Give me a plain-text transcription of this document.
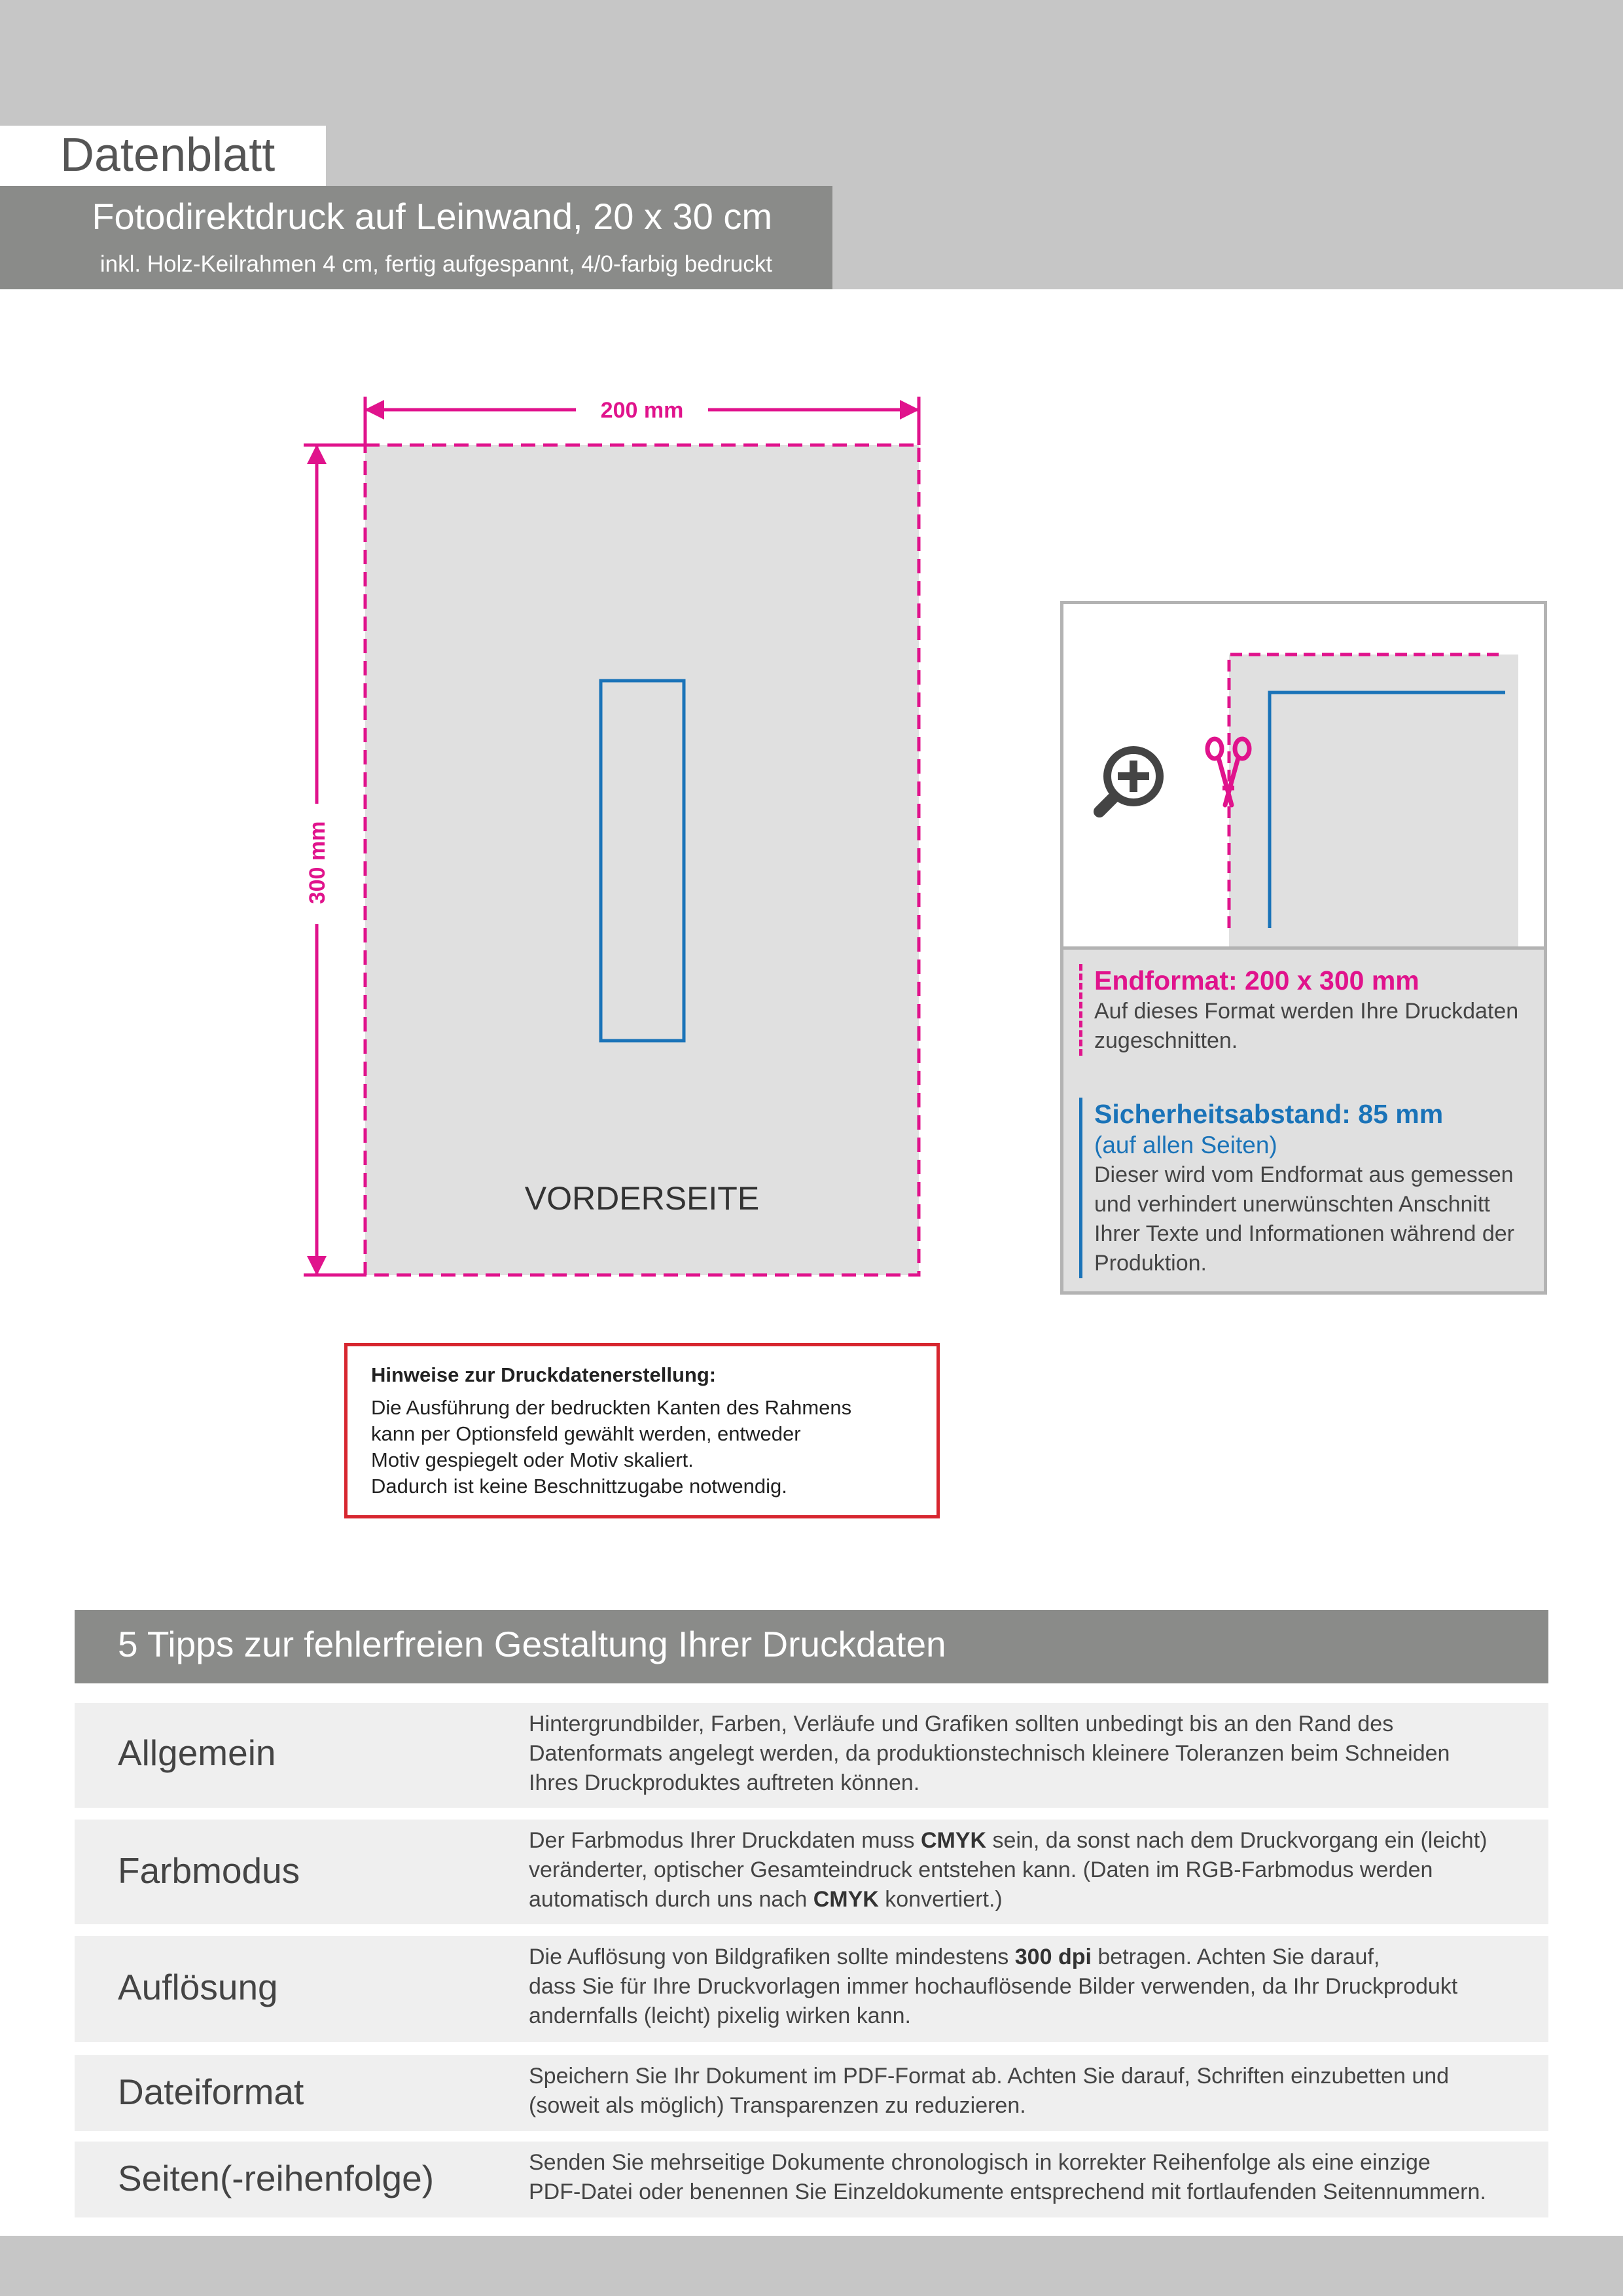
Datenblatt
Fotodirektdruck auf Leinwand, 20 x 30 cm
inkl. Holz-Keilrahmen 4 cm, fertig aufgespannt, 4/0-farbig bedruckt
200 mm
300 mm
VORDERSEITE
Endformat: 200 x 300 mm
Auf dieses Format werden Ihre Druckdaten
zugeschnitten.
Sicherheitsabstand: 85 mm
(auf allen Seiten)
Dieser wird vom Endformat aus gemessen
und verhindert unerwünschten Anschnitt
Ihrer Texte und Informationen während der
Produktion.
Hinweise zur Druckdatenerstellung:
Die Ausführung der bedruckten Kanten des Rahmens
kann per Optionsfeld gewählt werden, entweder
Motiv gespiegelt oder Motiv skaliert.
Dadurch ist keine Beschnittzugabe notwendig.
5 Tipps zur fehlerfreien Gestaltung Ihrer Druckdaten
Allgemein
Hintergrundbilder, Farben, Verläufe und Grafiken sollten unbedingt bis an den Rand des
Datenformats angelegt werden, da produktionstechnisch kleinere Toleranzen beim Schneiden
Ihres Druckproduktes auftreten können.
Farbmodus
Der Farbmodus Ihrer Druckdaten muss CMYK sein, da sonst nach dem Druckvorgang ein (leicht)
veränderter, optischer Gesamteindruck entstehen kann. (Daten im RGB-Farbmodus werden
automatisch durch uns nach CMYK konvertiert.)
Auflösung
Die Auflösung von Bildgrafiken sollte mindestens 300 dpi betragen. Achten Sie darauf,
dass Sie für Ihre Druckvorlagen immer hochauflösende Bilder verwenden, da Ihr Druckprodukt
andernfalls (leicht) pixelig wirken kann.
Dateiformat	Speichern Sie Ihr Dokument im PDF-Format ab. Achten Sie darauf, Schriften einzubetten und
(soweit als möglich) Transparenzen zu reduzieren.
Seiten(-reihenfolge)	Senden Sie mehrseitige Dokumente chronologisch in korrekter Reihenfolge als eine einzige
PDF-Datei oder benennen Sie Einzeldokumente entsprechend mit fortlaufenden Seitennummern.
